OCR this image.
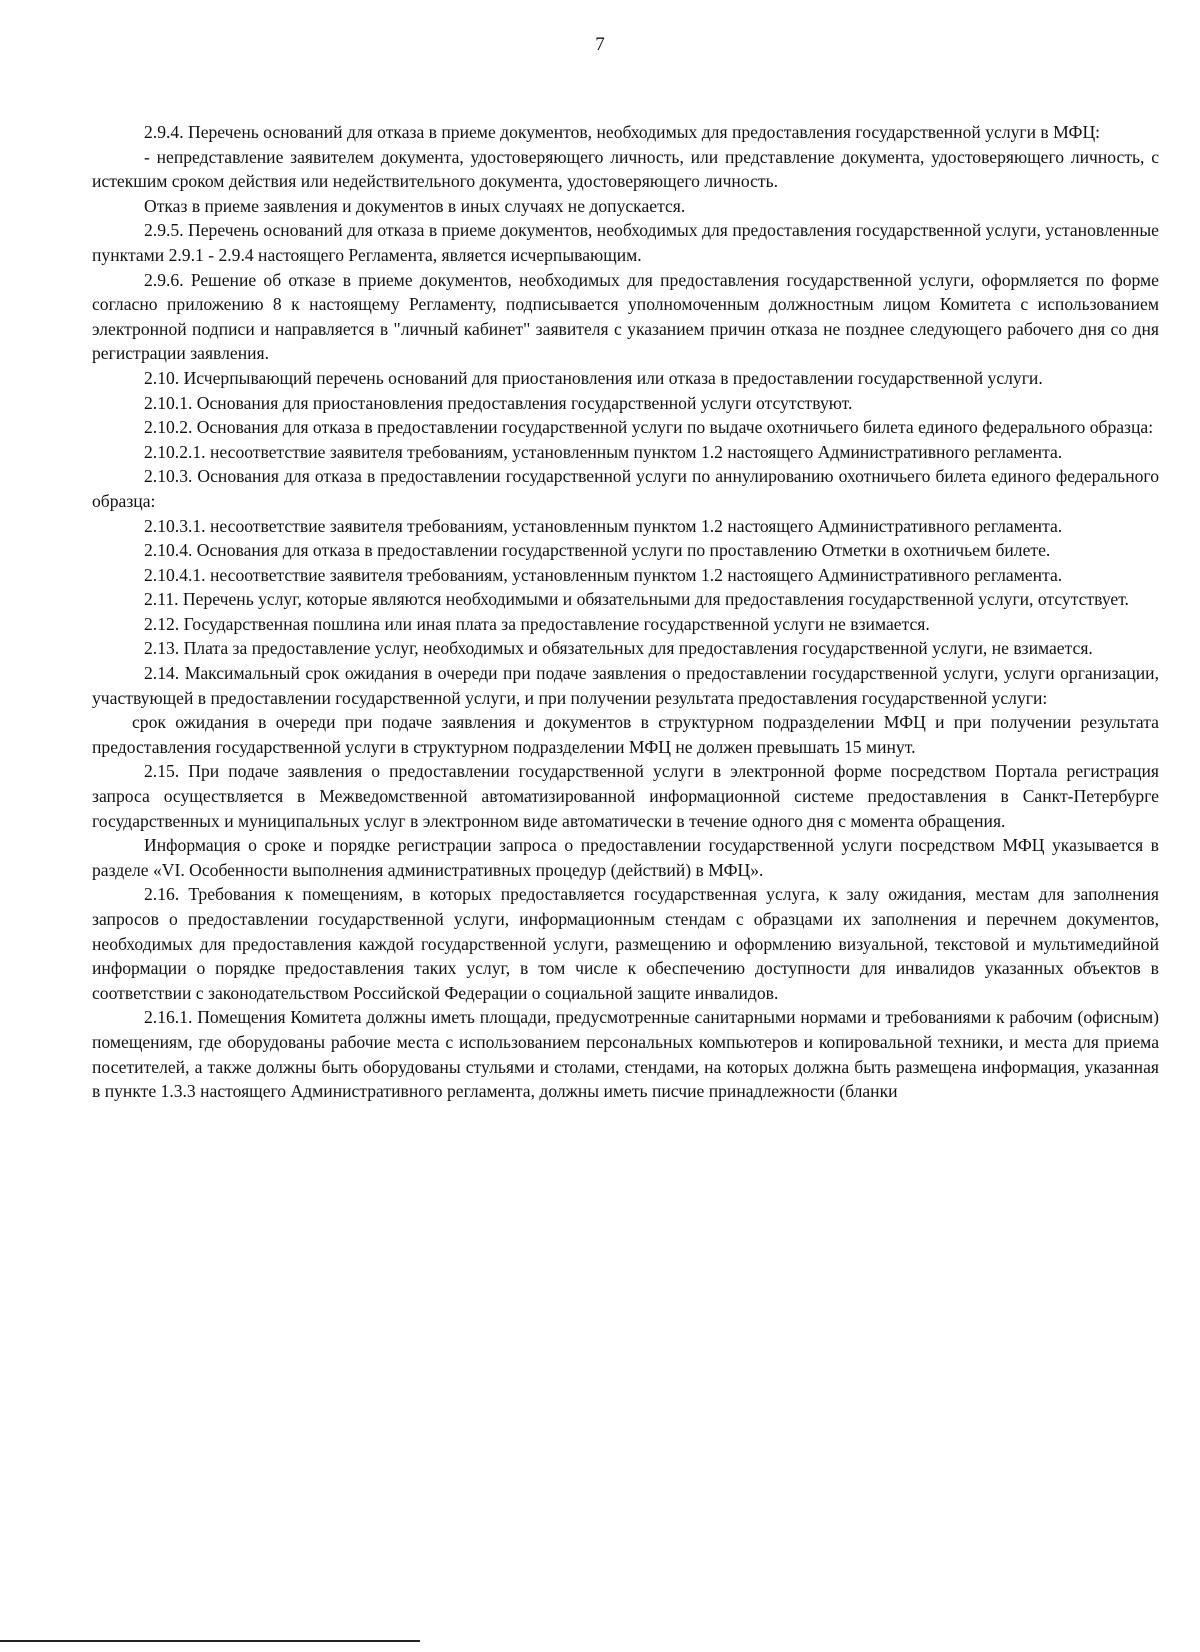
7

2.9.4. Перечень оснований для отказа в приеме документов, необходимых для предоставления государственной услуги в МФЦ:

- непредставление заявителем документа, удостоверяющего личность, или представление документа, удостоверяющего личность, с истекшим сроком действия или недействительного документа, удостоверяющего личность.

Отказ в приеме заявления и документов в иных случаях не допускается.

2.9.5. Перечень оснований для отказа в приеме документов, необходимых для предоставления государственной услуги, установленные пунктами 2.9.1 - 2.9.4 настоящего Регламента, является исчерпывающим.

2.9.6. Решение об отказе в приеме документов, необходимых для предоставления государственной услуги, оформляется по форме согласно приложению 8 к настоящему Регламенту, подписывается уполномоченным должностным лицом Комитета с использованием электронной подписи и направляется в "личный кабинет" заявителя с указанием причин отказа не позднее следующего рабочего дня со дня регистрации заявления.

2.10. Исчерпывающий перечень оснований для приостановления или отказа в предоставлении государственной услуги.

2.10.1. Основания для приостановления предоставления государственной услуги отсутствуют.

2.10.2. Основания для отказа в предоставлении государственной услуги по выдаче охотничьего билета единого федерального образца:

2.10.2.1. несоответствие заявителя требованиям, установленным пунктом 1.2 настоящего Административного регламента.

2.10.3. Основания для отказа в предоставлении государственной услуги по аннулированию охотничьего билета единого федерального образца:

2.10.3.1. несоответствие заявителя требованиям, установленным пунктом 1.2 настоящего Административного регламента.

2.10.4. Основания для отказа в предоставлении государственной услуги по проставлению Отметки в охотничьем билете.

2.10.4.1. несоответствие заявителя требованиям, установленным пунктом 1.2 настоящего Административного регламента.

2.11. Перечень услуг, которые являются необходимыми и обязательными для предоставления государственной услуги, отсутствует.

2.12. Государственная пошлина или иная плата за предоставление государственной услуги не взимается.

2.13. Плата за предоставление услуг, необходимых и обязательных для предоставления государственной услуги, не взимается.

2.14. Максимальный срок ожидания в очереди при подаче заявления о предоставлении государственной услуги, услуги организации, участвующей в предоставлении государственной услуги, и при получении результата предоставления государственной услуги:

срок ожидания в очереди при подаче заявления и документов в структурном подразделении МФЦ и при получении результата предоставления государственной услуги в структурном подразделении МФЦ не должен превышать 15 минут.

2.15. При подаче заявления о предоставлении государственной услуги в электронной форме посредством Портала регистрация запроса осуществляется в Межведомственной автоматизированной информационной системе предоставления в Санкт-Петербурге государственных и муниципальных услуг в электронном виде автоматически в течение одного дня с момента обращения.

Информация о сроке и порядке регистрации запроса о предоставлении государственной услуги посредством МФЦ указывается в разделе «VI. Особенности выполнения административных процедур (действий) в МФЦ».

2.16. Требования к помещениям, в которых предоставляется государственная услуга, к залу ожидания, местам для заполнения запросов о предоставлении государственной услуги, информационным стендам с образцами их заполнения и перечнем документов, необходимых для предоставления каждой государственной услуги, размещению и оформлению визуальной, текстовой и мультимедийной информации о порядке предоставления таких услуг, в том числе к обеспечению доступности для инвалидов указанных объектов в соответствии с законодательством Российской Федерации о социальной защите инвалидов.

2.16.1. Помещения Комитета должны иметь площади, предусмотренные санитарными нормами и требованиями к рабочим (офисным) помещениям, где оборудованы рабочие места с использованием персональных компьютеров и копировальной техники, и места для приема посетителей, а также должны быть оборудованы стульями и столами, стендами, на которых должна быть размещена информация, указанная в пункте 1.3.3 настоящего Административного регламента, должны иметь писчие принадлежности (бланки
